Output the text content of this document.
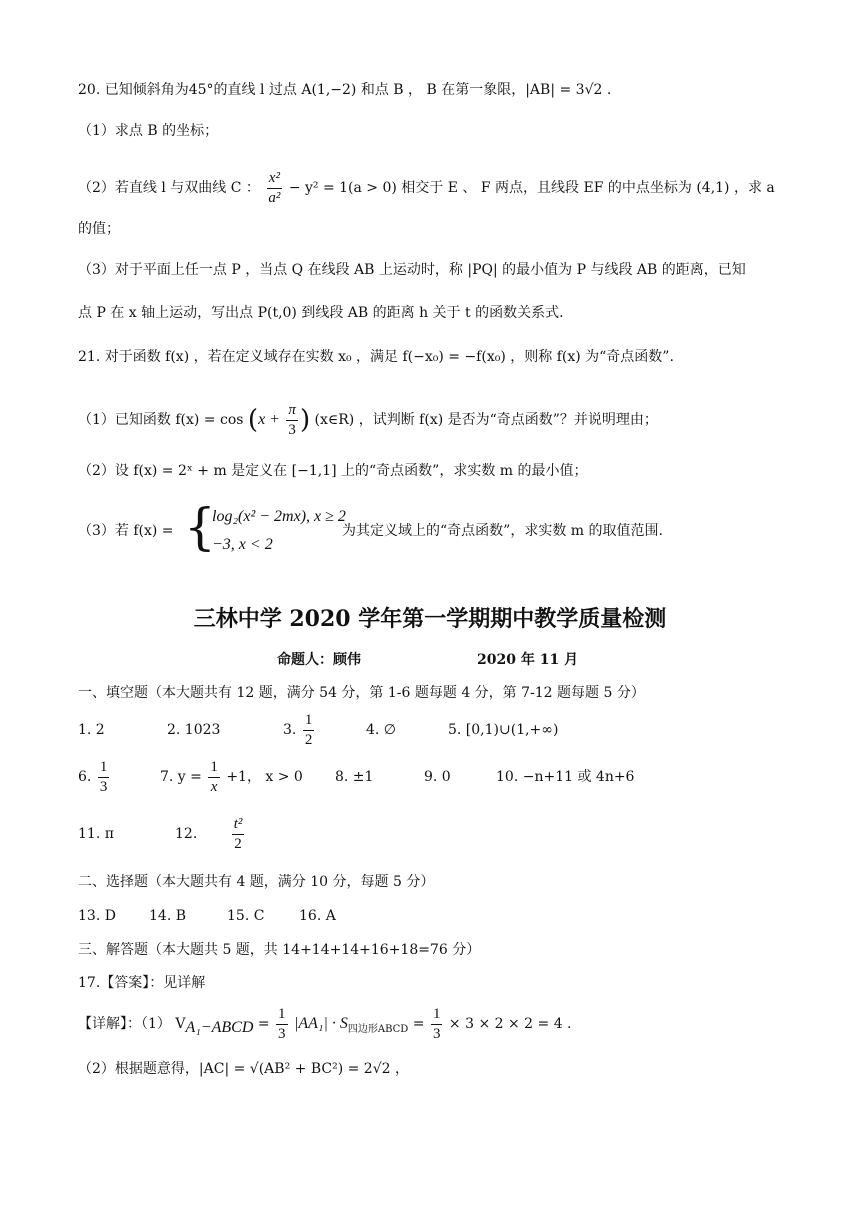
20. 已知倾斜角为45°的直线 l 过点 A(1,−2) 和点 B ， B 在第一象限，|AB| = 3√2 .
（1）求点 B 的坐标；
（2）若直线 l 与双曲线 C ： $\frac{\text{x²}}{\text{a²}} - y^2 = 1(a > 0)$ 相交于 E 、 F 两点，且线段 EF 的中点坐标为 (4,1) ，求 a
的值；
（3）对于平面上任一点 P ，当点 Q 在线段 AB 上运动时，称 |PQ| 的最小值为 P 与线段 AB 的距离，已知
点 P 在 x 轴上运动，写出点 P(t,0) 到线段 AB 的距离 h 关于 t 的函数关系式.
21. 对于函数 f(x) ，若在定义域存在实数 x₀ ，满足 f(−x₀) = −f(x₀) ，则称 f(x) 为“奇点函数”.
（1）已知函数 $f(x) = \cos (x + \frac{\pi}{3}$ ) (x∈R) ，试判断 f(x) 是否为“奇点函数”？并说明理由；
（2）设 f(x) = 2ˣ + m 是定义在 [−1,1] 上的“奇点函数”，求实数 m 的最小值；
（3）若 f(x) = {
log₂(x² − 2mx), x ≥ 2
−3, x < 2
为其定义域上的“奇点函数”，求实数 m 的取值范围.
三林中学 2020 学年第一学期期中教学质量检测
命题人：顾伟	2020 年 11 月
一、填空题（本大题共有 12 题，满分 54 分，第 1-6 题每题 4 分，第 7-12 题每题 5 分）
1. 2	2. 1023	3. $\frac{1}{2}$	4. ∅	5. [0,1)∪(1,+∞)
6. $\frac{1}{3}$	7. $y = \frac{1}{x} +1$， x > 0 8. ±1	9. 0	10. −n+11 或 4n+6
11. π	12. $\frac{\text{t²}}{2}$
二、选择题（本大题共有 4 题，满分 10 分，每题 5 分）
13. D 14. B	15. C 16. A
三、解答题（本大题共 5 题，共 14+14+14+16+18=76 分）
17.【答案】：见详解
【详解】：（1） $V_{A_1-ABCD} = \frac{1}{3} |AA_1| \cdot S_{四边形ABCD} = \frac{1}{3} \times 3 \times 2 \times 2 = 4$ .
（2）根据题意得，|AC| = √(AB² + BC²) = 2√2 ，
